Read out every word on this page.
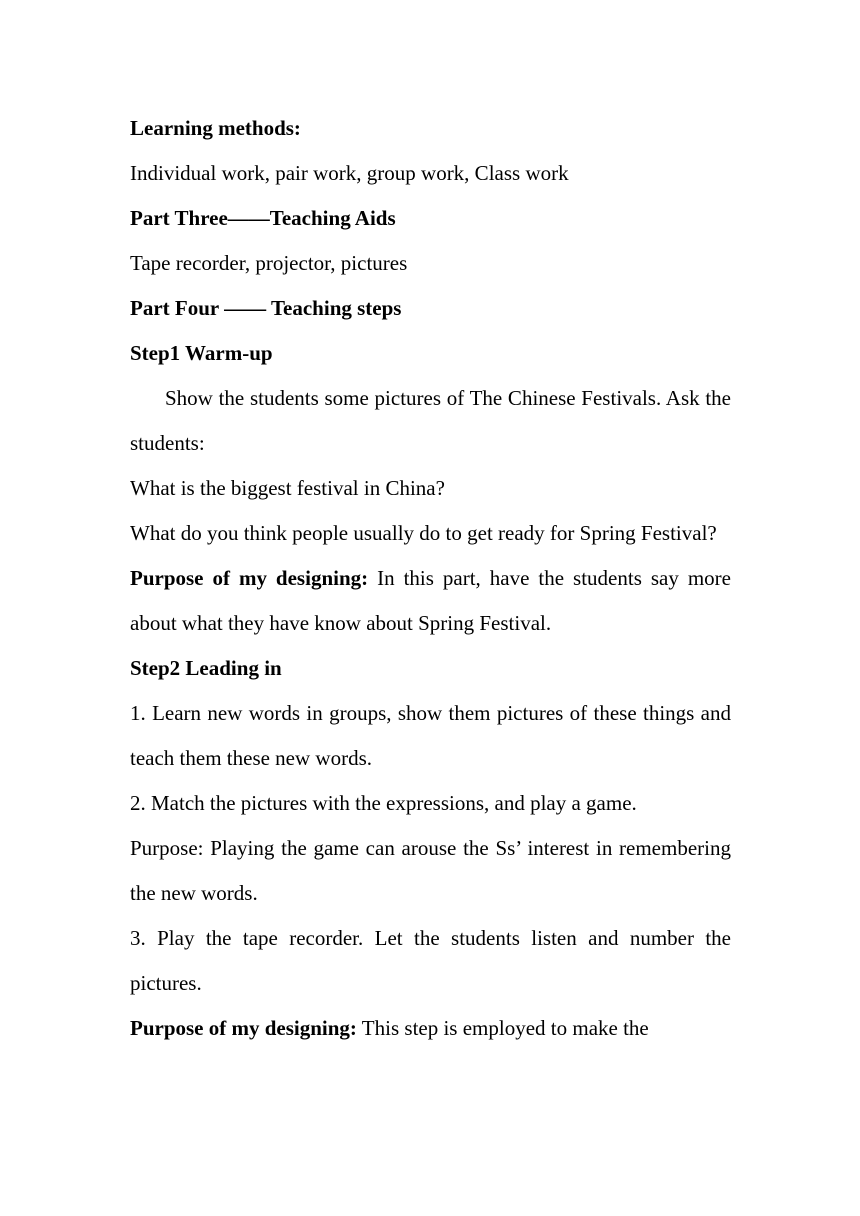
Learning methods:

Individual work, pair work, group work, Class work

Part Three——Teaching Aids

Tape recorder, projector, pictures

Part Four —— Teaching steps

Step1 Warm-up

Show the students some pictures of The Chinese Festivals. Ask the students:

What is the biggest festival in China?

What do you think people usually do to get ready for Spring Festival?

Purpose of my designing: In this part, have the students say more about what they have know about Spring Festival.

Step2 Leading in

1. Learn new words in groups, show them pictures of these things and teach them these new words.

2. Match the pictures with the expressions, and play a game.

Purpose: Playing the game can arouse the Ss’ interest in remembering the new words.

3. Play the tape recorder. Let the students listen and number the pictures.

Purpose of my designing: This step is employed to make the
